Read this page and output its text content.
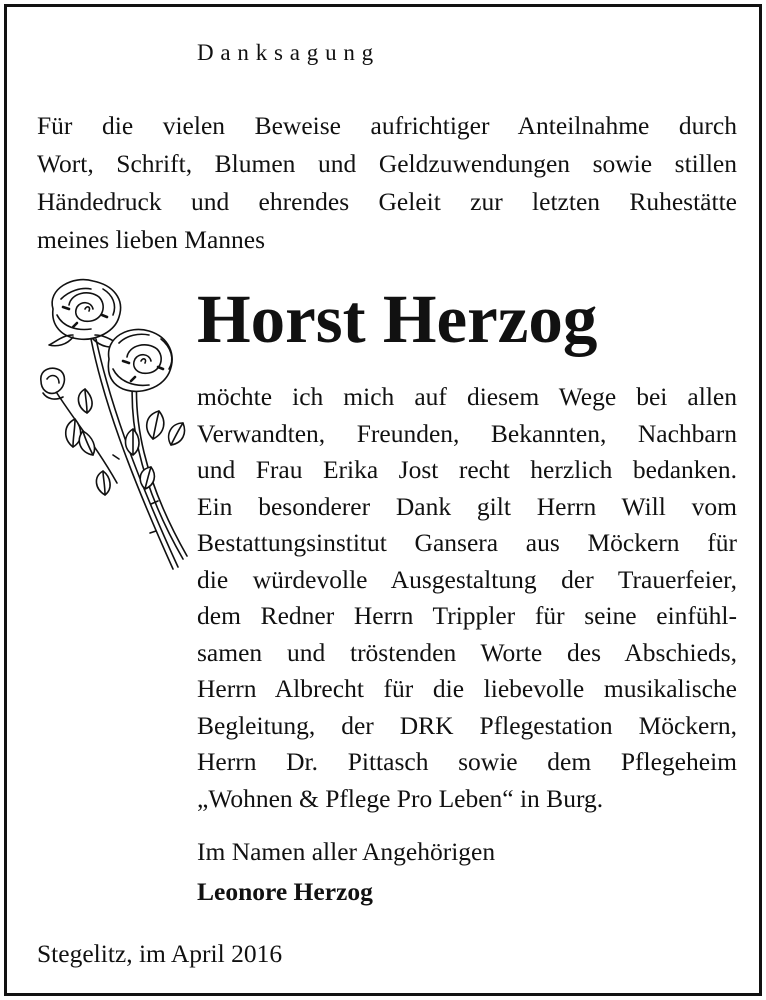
Danksagung
Für die vielen Beweise aufrichtiger Anteilnahme durch
Wort, Schrift, Blumen und Geldzuwendungen sowie stillen
Händedruck und ehrendes Geleit zur letzten Ruhestätte
meines lieben Mannes
Horst Herzog
möchte ich mich auf diesem Wege bei allen
Verwandten, Freunden, Bekannten, Nachbarn
und Frau Erika Jost recht herzlich bedanken.
Ein besonderer Dank gilt Herrn Will vom
Bestattungsinstitut Gansera aus Möckern für
die würdevolle Ausgestaltung der Trauerfeier,
dem Redner Herrn Trippler für seine einfühl-
samen und tröstenden Worte des Abschieds,
Herrn Albrecht für die liebevolle musikalische
Begleitung, der DRK Pflegestation Möckern,
Herrn Dr. Pittasch sowie dem Pflegeheim
„Wohnen & Pflege Pro Leben“ in Burg.
Im Namen aller Angehörigen
Leonore Herzog
Stegelitz, im April 2016
